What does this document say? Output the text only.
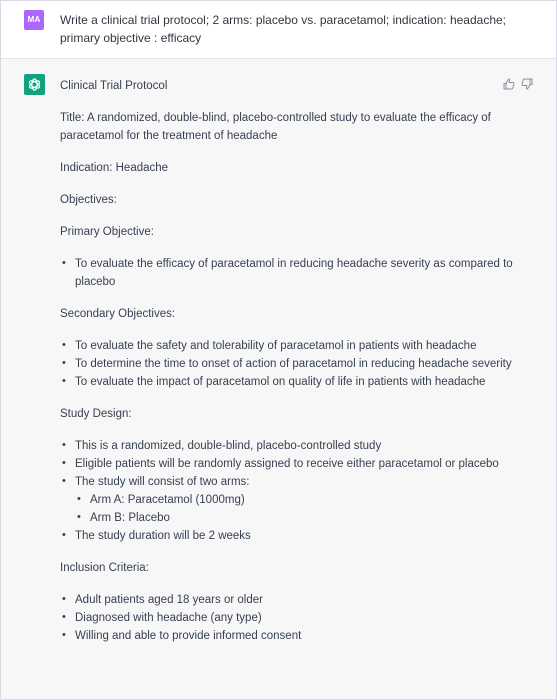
MA Write a clinical trial protocol; 2 arms: placebo vs. paracetamol; indication: headache; primary objective : efficacy

Clinical Trial Protocol

Title: A randomized, double-blind, placebo-controlled study to evaluate the efficacy of paracetamol for the treatment of headache

Indication: Headache

Objectives:

Primary Objective:

• To evaluate the efficacy of paracetamol in reducing headache severity as compared to placebo

Secondary Objectives:

• To evaluate the safety and tolerability of paracetamol in patients with headache
• To determine the time to onset of action of paracetamol in reducing headache severity
• To evaluate the impact of paracetamol on quality of life in patients with headache

Study Design:

• This is a randomized, double-blind, placebo-controlled study
• Eligible patients will be randomly assigned to receive either paracetamol or placebo
• The study will consist of two arms:
• Arm A: Paracetamol (1000mg)
• Arm B: Placebo
• The study duration will be 2 weeks

Inclusion Criteria:

• Adult patients aged 18 years or older
• Diagnosed with headache (any type)
• Willing and able to provide informed consent
